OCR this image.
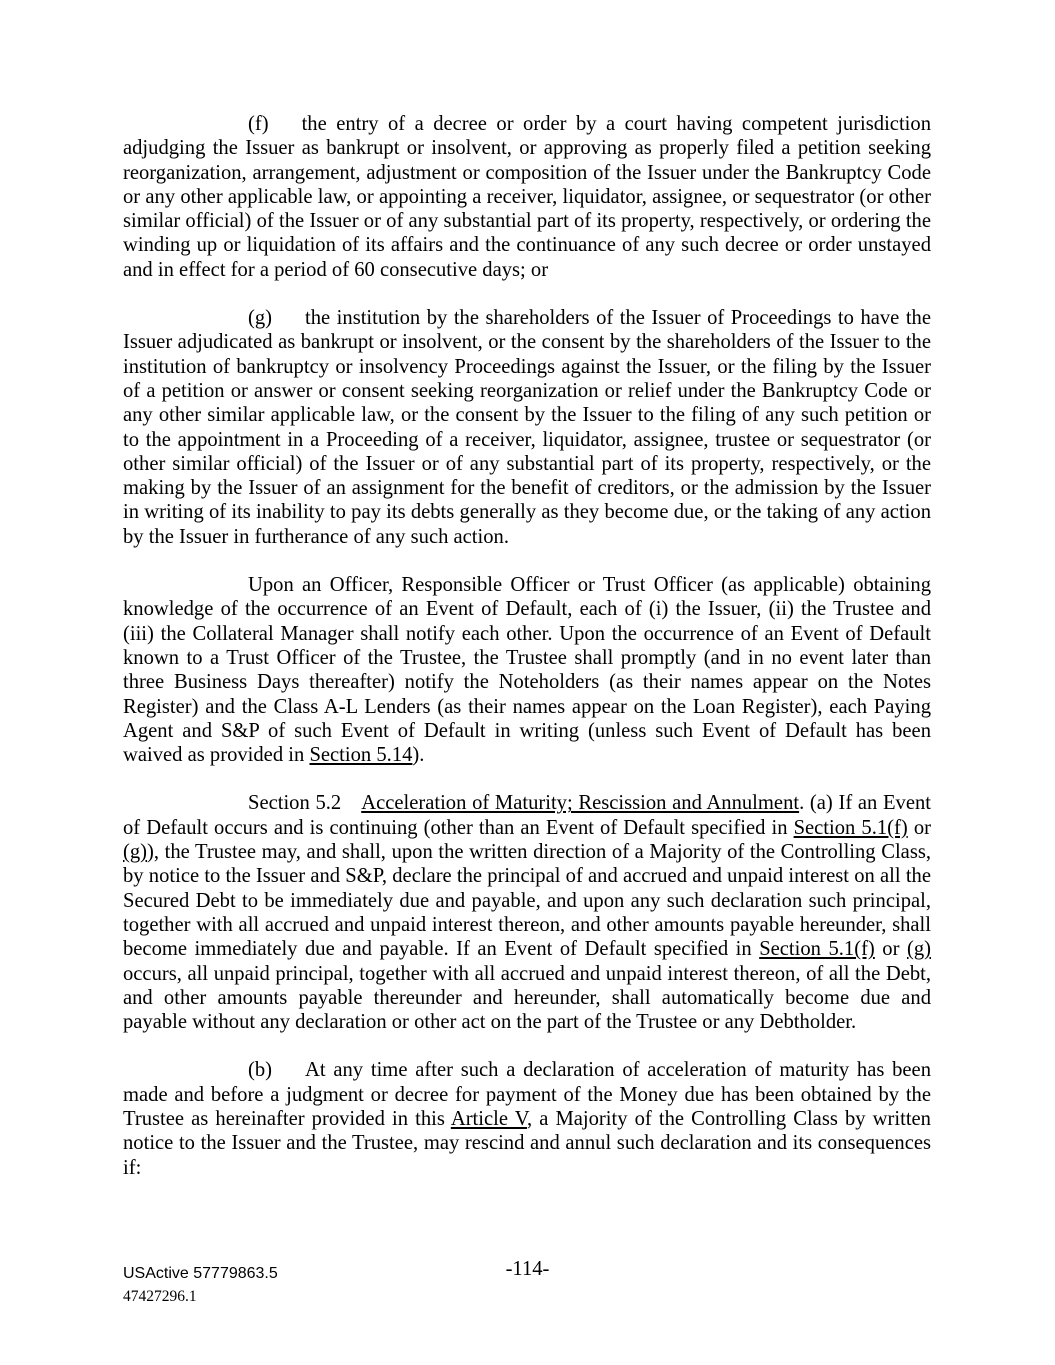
(f) the entry of a decree or order by a court having competent jurisdiction adjudging the Issuer as bankrupt or insolvent, or approving as properly filed a petition seeking reorganization, arrangement, adjustment or composition of the Issuer under the Bankruptcy Code or any other applicable law, or appointing a receiver, liquidator, assignee, or sequestrator (or other similar official) of the Issuer or of any substantial part of its property, respectively, or ordering the winding up or liquidation of its affairs and the continuance of any such decree or order unstayed and in effect for a period of 60 consecutive days; or

(g) the institution by the shareholders of the Issuer of Proceedings to have the Issuer adjudicated as bankrupt or insolvent, or the consent by the shareholders of the Issuer to the institution of bankruptcy or insolvency Proceedings against the Issuer, or the filing by the Issuer of a petition or answer or consent seeking reorganization or relief under the Bankruptcy Code or any other similar applicable law, or the consent by the Issuer to the filing of any such petition or to the appointment in a Proceeding of a receiver, liquidator, assignee, trustee or sequestrator (or other similar official) of the Issuer or of any substantial part of its property, respectively, or the making by the Issuer of an assignment for the benefit of creditors, or the admission by the Issuer in writing of its inability to pay its debts generally as they become due, or the taking of any action by the Issuer in furtherance of any such action.

Upon an Officer, Responsible Officer or Trust Officer (as applicable) obtaining knowledge of the occurrence of an Event of Default, each of (i) the Issuer, (ii) the Trustee and (iii) the Collateral Manager shall notify each other. Upon the occurrence of an Event of Default known to a Trust Officer of the Trustee, the Trustee shall promptly (and in no event later than three Business Days thereafter) notify the Noteholders (as their names appear on the Notes Register) and the Class A-L Lenders (as their names appear on the Loan Register), each Paying Agent and S&P of such Event of Default in writing (unless such Event of Default has been waived as provided in Section 5.14).

Section 5.2 Acceleration of Maturity; Rescission and Annulment. (a) If an Event of Default occurs and is continuing (other than an Event of Default specified in Section 5.1(f) or (g)), the Trustee may, and shall, upon the written direction of a Majority of the Controlling Class, by notice to the Issuer and S&P, declare the principal of and accrued and unpaid interest on all the Secured Debt to be immediately due and payable, and upon any such declaration such principal, together with all accrued and unpaid interest thereon, and other amounts payable hereunder, shall become immediately due and payable. If an Event of Default specified in Section 5.1(f) or (g) occurs, all unpaid principal, together with all accrued and unpaid interest thereon, of all the Debt, and other amounts payable thereunder and hereunder, shall automatically become due and payable without any declaration or other act on the part of the Trustee or any Debtholder.

(b) At any time after such a declaration of acceleration of maturity has been made and before a judgment or decree for payment of the Money due has been obtained by the Trustee as hereinafter provided in this Article V, a Majority of the Controlling Class by written notice to the Issuer and the Trustee, may rescind and annul such declaration and its consequences if:

USActive 57779863.5
47427296.1
-114-
